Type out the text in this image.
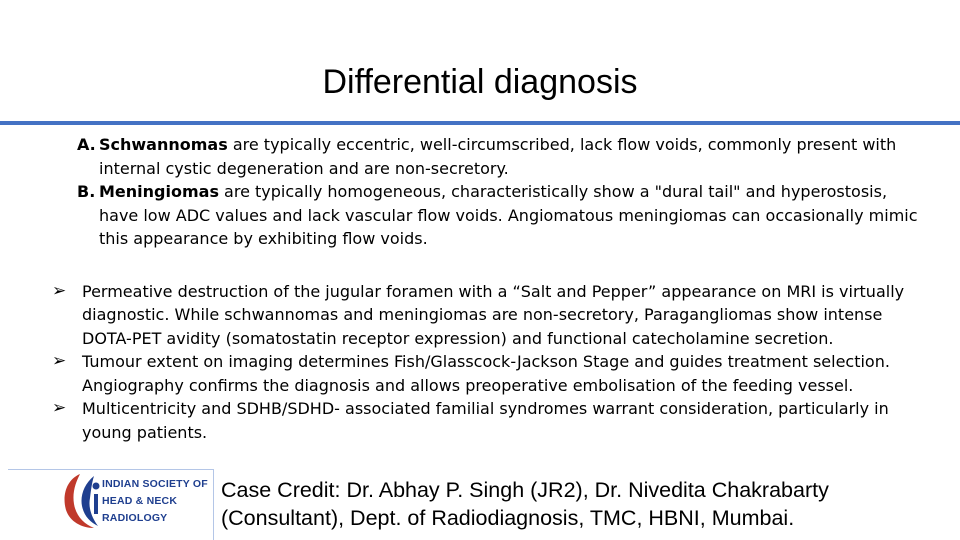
Differential diagnosis
A. Schwannomas are typically eccentric, well-circumscribed, lack flow voids, commonly present with internal cystic degeneration and are non-secretory.
B. Meningiomas are typically homogeneous, characteristically show a "dural tail" and hyperostosis, have low ADC values and lack vascular flow voids. Angiomatous meningiomas can occasionally mimic this appearance by exhibiting flow voids.
➢ Permeative destruction of the jugular foramen with a “Salt and Pepper” appearance on MRI is virtually diagnostic. While schwannomas and meningiomas are non-secretory, Paragangliomas show intense DOTA-PET avidity (somatostatin receptor expression) and functional catecholamine secretion.
➢ Tumour extent on imaging determines Fish/Glasscock-Jackson Stage and guides treatment selection. Angiography confirms the diagnosis and allows preoperative embolisation of the feeding vessel.
➢ Multicentricity and SDHB/SDHD- associated familial syndromes warrant consideration, particularly in young patients.
INDIAN SOCIETY OF
HEAD & NECK
RADIOLOGY
Case Credit: Dr. Abhay P. Singh (JR2), Dr. Nivedita Chakrabarty (Consultant), Dept. of Radiodiagnosis, TMC, HBNI, Mumbai.
